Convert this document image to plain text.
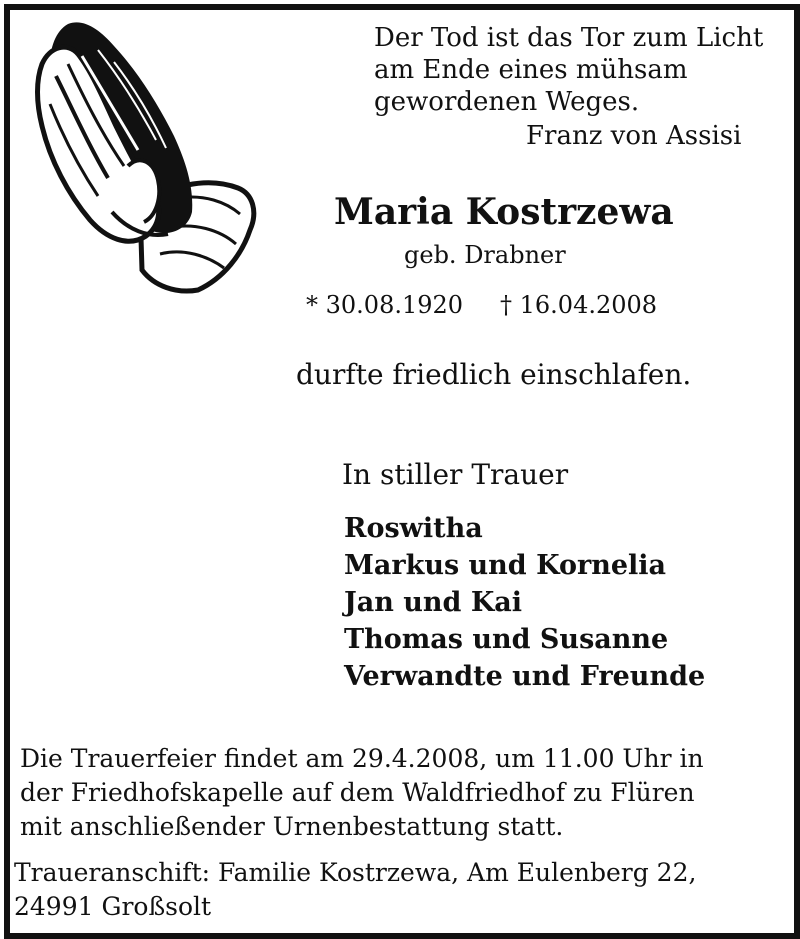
Der Tod ist das Tor zum Licht
am Ende eines mühsam
gewordenen Weges.
Franz von Assisi
Maria Kostrzewa
geb. Drabner
* 30.08.1920 † 16.04.2008
durfte friedlich einschlafen.
In stiller Trauer
Roswitha
Markus und Kornelia
Jan und Kai
Thomas und Susanne
Verwandte und Freunde
Die Trauerfeier findet am 29.4.2008, um 11.00 Uhr in
der Friedhofskapelle auf dem Waldfriedhof zu Flüren
mit anschließender Urnenbestattung statt.
Traueranschift: Familie Kostrzewa, Am Eulenberg 22,
24991 Großsolt
